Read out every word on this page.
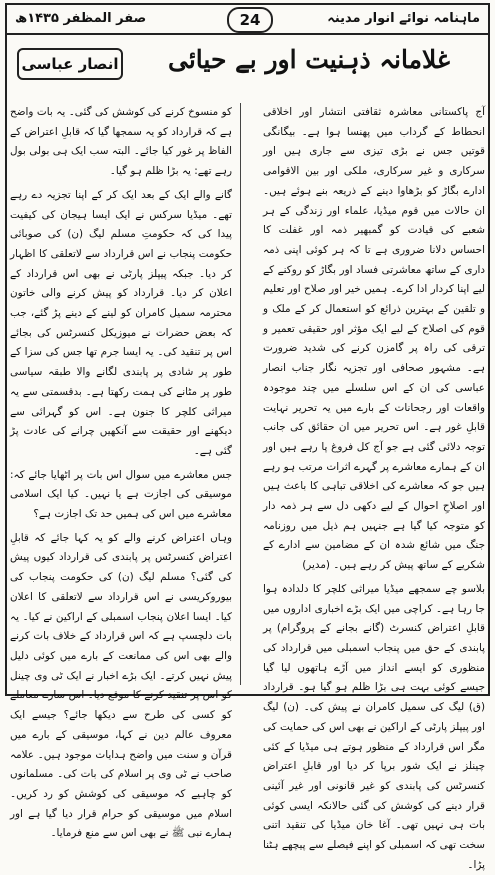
ماہنامہ نوائے انوار مدینہ
24
صفر المظفر ۱۴۳۵ھ
انصار عباسی	غلامانہ ذہنیت اور بے حیائی

آج پاکستانی معاشرہ ثقافتی انتشار اور اخلاقی انحطاط کے گرداب میں پھنسا ہوا ہے۔ بیگانگی قوتیں جس نے بڑی تیزی سے جاری ہیں اور سرکاری و غیر سرکاری، ملکی اور بین الاقوامی ادارے بگاڑ کو بڑھاوا دینے کے ذریعہ بنے ہوئے ہیں۔ ان حالات میں قوم میڈیا، علماء اور زندگی کے ہر شعبے کی قیادت کو گمبھیر ذمہ اور غفلت کا احساس دلانا ضروری ہے تا کہ ہر کوئی اپنی ذمہ داری کے ساتھ معاشرتی فساد اور بگاڑ کو روکنے کے لیے اپنا کردار ادا کرے۔ ہمیں خیر اور صلاح اور تعلیم و تلقین کے بہترین ذرائع کو استعمال کر کے ملک و قوم کی اصلاح کے لیے ایک مؤثر اور حقیقی تعمیر و ترقی کی راہ پر گامزن کرنے کی شدید ضرورت ہے۔ مشہور صحافی اور تجزیہ نگار جناب انصار عباسی کی ان کے اس سلسلے میں چند موجودہ واقعات اور رجحانات کے بارے میں یہ تحریر نہایت قابلِ غور ہے۔ اس تحریر میں ان حقائق کی جانب توجہ دلائی گئی ہے جو آج کل فروغ پا رہے ہیں اور ان کے ہمارے معاشرے پر گہرے اثرات مرتب ہو رہے ہیں جو کہ معاشرے کی اخلاقی تباہی کا باعث ہیں اور اصلاحِ احوال کے لیے دکھی دل سے ہر ذمہ دار کو متوجہ کیا گیا ہے جنہیں ہم ذیل میں روزنامہ جنگ میں شائع شدہ ان کے مضامین سے ادارے کے شکریے کے ساتھ پیش کر رہے ہیں۔ (مدیر)

بلاسو چے سمجھے میڈیا میراثی کلچر کا دلدادہ ہوا جا رہا ہے۔ کراچی میں ایک بڑے اخباری اداروں میں قابلِ اعتراض کنسرٹ (گانے بجانے کے پروگرام) پر پابندی کے حق میں پنجاب اسمبلی میں قرارداد کی منظوری کو ایسے انداز میں آڑے ہاتھوں لیا گیا جیسے کوئی بہت ہی بڑا ظلم ہو گیا ہو۔ قرارداد (ق) لیگ کی سمیل کامران نے پیش کی۔ (ن) لیگ اور پیپلز پارٹی کے اراکین نے بھی اس کی حمایت کی مگر اس قرارداد کے منظور ہوتے ہی میڈیا کے کئی چینلز نے ایک شور برپا کر دیا اور قابلِ اعتراض کنسرٹس کی پابندی کو غیر قانونی اور غیر آئینی قرار دینے کی کوشش کی گئی حالانکہ ایسی کوئی بات ہی نہیں تھی۔ آغا خان میڈیا کی تنقید اتنی سخت تھی کہ اسمبلی کو اپنے فیصلے سے پیچھے ہٹنا پڑا۔

کو منسوخ کرنے کی کوشش کی گئی۔ یہ بات واضح ہے کہ قرارداد کو یہ سمجھا گیا کہ قابلِ اعتراض کے الفاظ پر غور کیا جائے۔ البتہ سب ایک ہی بولی بول رہے تھے: یہ بڑا ظلم ہو گیا۔

گانے والے ایک کے بعد ایک کر کے اپنا تجزیہ دے رہے تھے۔ میڈیا سرکس نے ایک ایسا ہیجان کی کیفیت پیدا کی کہ حکومتِ مسلم لیگ (ن) کی صوبائی حکومت پنجاب نے اس قرارداد سے لاتعلقی کا اظہار کر دیا۔ جبکہ پیپلز پارٹی نے بھی اس قرارداد کے اعلان کر دیا۔ قرارداد کو پیش کرنے والی خاتون محترمہ سمیل کامران کو لینے کے دینے پڑ گئے، جب کہ بعض حضرات نے میوزیکل کنسرٹس کی بجائے اس پر تنقید کی۔ یہ ایسا جرم تھا جس کی سزا کے طور پر شادی پر پابندی لگانے والا طبقہ سیاسی طور پر مٹانے کی ہمت رکھتا ہے۔ بدقسمتی سے یہ میراثی کلچر کا جنون ہے۔ اس کو گہرائی سے دیکھنے اور حقیقت سے آنکھیں چرانے کی عادت پڑ گئی ہے۔

جس معاشرے میں سوال اس بات پر اٹھایا جائے کہ: موسیقی کی اجازت ہے یا نہیں۔ کیا ایک اسلامی معاشرے میں اس کی ہمیں حد تک اجازت ہے؟

وہاں اعتراض کرنے والے کو یہ کہا جائے کہ قابلِ اعتراض کنسرٹس پر پابندی کی قرارداد کیوں پیش کی گئی؟ مسلم لیگ (ن) کی حکومت پنجاب کی بیوروکریسی نے اس قرارداد سے لاتعلقی کا اعلان کیا۔ ایسا اعلان پنجاب اسمبلی کے اراکین نے کیا۔ یہ بات دلچسپ ہے کہ اس قرارداد کے خلاف بات کرنے والے بھی اس کی ممانعت کے بارے میں کوئی دلیل پیش نہیں کرتے۔ ایک بڑے اخبار نے ایک ٹی وی چینل کو اس پر تنقید کرنے کا موقع دیا۔ اس سارے معاملے کو کسی کی طرح سے دیکھا جائے؟ جیسے ایک معروف عالم دین نے کہا، موسیقی کے بارے میں قرآن و سنت میں واضح ہدایات موجود ہیں۔ علامہ صاحب نے ٹی وی پر اسلام کی بات کی۔ مسلمانوں کو چاہیے کہ موسیقی کی کوشش کو رد کریں۔ اسلام میں موسیقی کو حرام قرار دیا گیا ہے اور ہمارے نبی ﷺ نے بھی اس سے منع فرمایا۔
